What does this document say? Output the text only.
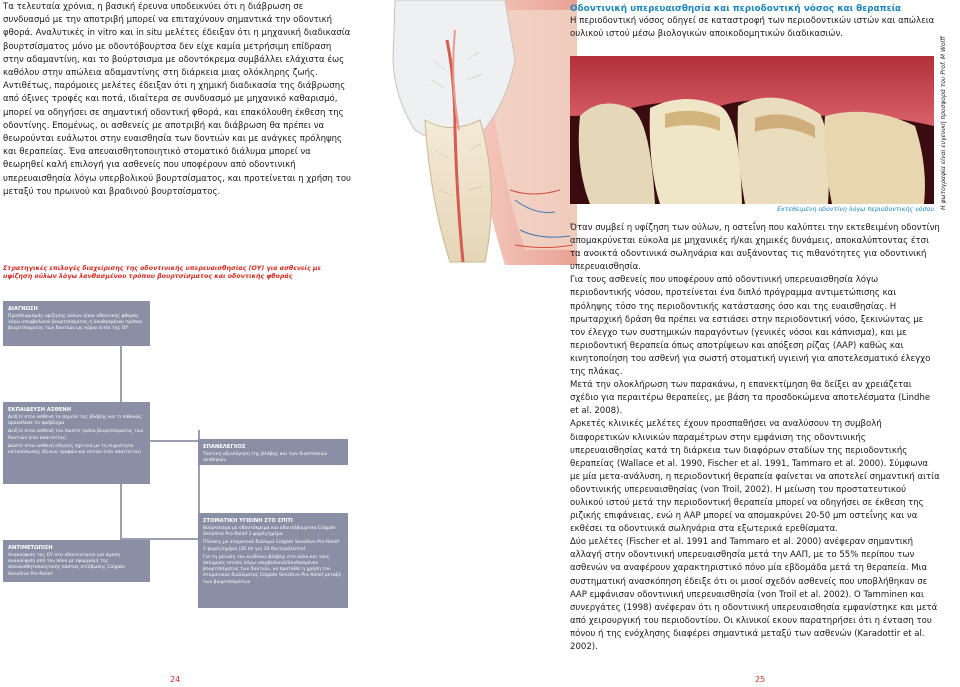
Τα τελευταία χρόνια, η βασική έρευνα υποδεικνύει ότι η διάβρωση σε συνδυασμό με την αποτριβή μπορεί να επιταχύνουν σημαντικά την οδοντική φθορά. Αναλυτικές in vitro και in situ μελέτες έδειξαν ότι η μηχανική διαδικασία βουρτσίσματος μόνο με οδοντόβουρτσα δεν είχε καμία μετρήσιμη επίδραση στην αδαμαντίνη, και το βούρτσισμα με οδοντόκρεμα συμβάλλει ελάχιστα έως καθόλου στην απώλεια αδαμαντίνης στη διάρκεια μιας ολόκληρης ζωής. Αντιθέτως, παρόμοιες μελέτες έδειξαν ότι η χημική διαδικασία της διάβρωσης από όξινες τροφές και ποτά, ιδιαίτερα σε συνδυασμό με μηχανικό καθαρισμό, μπορεί να οδηγήσει σε σημαντική οδοντική φθορά, και επακόλουθη έκθεση της οδοντίνης. Επομένως, οι ασθενείς με αποτριβή και διάβρωση θα πρέπει να θεωρούνται ευάλωτοι στην ευαισθησία των δοντιών και με ανάγκες πρόληψης και θεραπείας. Ένα απευαισθητοποιητικό στοματικό διάλυμα μπορεί να θεωρηθεί καλή επιλογή για ασθενείς που υποφέρουν από οδοντινική υπερευαισθησία λόγω υπερβολικού βουρτσίσματος, και προτείνεται η χρήση του μεταξύ του πρωινού και βραδινού βουρτσίσματος.

Στρατηγικές επιλογές διαχείρισης της οδοντινικής υπερευαισθησίας (ΟΥ) για ασθενείς με υφίζηση ούλων λόγω λανθασμένου τρόπου βουρτσίσματος και οδοντικής φθοράς

ΔΙΑΓΝΩΣΗ
Προσδιορισμός υφίζησης ούλων ή/και οδοντικής φθοράς λόγω υπερβολικού βουρτσίσματος ή λανθασμένου τρόπου βουρτσίσματος των δοντιών ως κύρια αιτία της ΟΥ
ΕΚΠΑΙΔΕΥΣΗ ΑΣΘΕΝΗ
Δείξτε στον ασθενή τα σημεία της βλάβης και τι πιθανώς προκάλεσε το πρόβλημα
Δείξτε στον ασθενή τον σωστό τρόπο βουρτσίσματος των δοντιών (εάν απαιτείται)
Δώστε στον ασθενή οδηγίες σχετικά με τη συχνότητα κατανάλωσης όξινων τροφών και ποτών (εάν απαιτείται)
ΑΝΤΙΜΕΤΩΠΙΣΗ
Ανακούφιση της ΟΥ στο οδοντιατρείο για άμεση ανακούφιση από τον πόνο με εφαρμογή της απευαισθητοποιητικής πάστας στίλβωσης Colgate Sensitive Pro-Relief
ΕΠΑΝΕΛΕΓΧΟΣ
Τακτική αξιολόγηση της βλάβης και των διαστάσεών συνθηκών
ΣΤΟΜΑΤΙΚΗ ΥΓΙΕΙΝΗ ΣΤΟ ΣΠΙΤΙ
Βούρτσισμα με οδοντόκρεμα και οδοντόβουρτσα Colgate Sensitive Pro-Relief 2 φορές/ημέρα
Πλύσεις με στοματικό διάλυμα Colgate Sensitive Pro-Relief 2 φορές/ημέρα (20 ml για 30 δευτερόλεπτα)
Για τη μείωση του κινδύνου βλάβης στα ούλα και τους σκληρούς ιστούς λόγω υπερβολικού/λανθασμένου βουρτσίσματος των δοντιών, να προταθεί η χρήση του στοματικού διαλύματος Colgate Sensitive Pro-Relief μεταξύ των βουρτσισμάτων

24

Οδοντινική υπερευαισθησία και περιοδοντική νόσος και θεραπεία

Η περιοδοντική νόσος οδηγεί σε καταστροφή των περιοδοντικών ιστών και απώλεια ουλικού ιστού μέσω βιολογικών αποικοδομητικών διαδικασιών.

Εκτεθειμένη οδοντίνη λόγω περιοδοντικής νόσου Η φωτογραφία είναι ευγενική προσφορά του Prof. M Wolff

Όταν συμβεί η υφίζηση των ούλων, η οστεΐνη που καλύπτει την εκτεθειμένη οδοντίνη απομακρύνεται εύκολα με μηχανικές ή/και χημικές δυνάμεις, αποκαλύπτοντας έτσι τα ανοικτά οδοντινικά σωληνάρια και αυξάνοντας τις πιθανότητες για οδοντινική υπερευαισθησία.

Για τους ασθενείς που υποφέρουν από οδοντινική υπερευαισθησία λόγω περιοδοντικής νόσου, προτείνεται ένα διπλό πρόγραμμα αντιμετώπισης και πρόληψης τόσο της περιοδοντικής κατάστασης όσο και της ευαισθησίας. Η πρωταρχική δράση θα πρέπει να εστιάσει στην περιοδοντική νόσο, ξεκινώντας με τον έλεγχο των συστημικών παραγόντων (γενικές νόσοι και κάπνισμα), και με περιοδοντική θεραπεία όπως αποτρίψεων και απόξεση ρίζας (ΑΑΡ) καθώς και κινητοποίηση του ασθενή για σωστή στοματική υγιεινή για αποτελεσματικό έλεγχο της πλάκας.

Μετά την ολοκλήρωση των παρακάνω, η επανεκτίμηση θα δείξει αν χρειάζεται σχέδιο για περαιτέρω θεραπείες, με βάση τα προσδοκώμενα αποτελέσματα (Lindhe et al. 2008).

Αρκετές κλινικές μελέτες έχουν προσπαθήσει να αναλύσουν τη συμβολή διαφορετικών κλινικών παραμέτρων στην εμφάνιση της οδοντινικής υπερευαισθησίας κατά τη διάρκεια των διαφόρων σταδίων της περιοδοντικής θεραπείας (Wallace et al. 1990, Fischer et al. 1991, Tammaro et al. 2000). Σύμφωνα με μία μετα-ανάλυση, η περιοδοντική θεραπεία φαίνεται να αποτελεί σημαντική αιτία οδοντινικής υπερευαισθησίας (von Troil, 2002). Η μείωση του προστατευτικού ουλικού ιστού μετά την περιοδοντική θεραπεία μπορεί να οδηγήσει σε έκθεση της ριζικής επιφάνειας, ενώ η ΑΑΡ μπορεί να απομακρύνει 20-50 μm οστεΐνης και να εκθέσει τα οδοντινικά σωληνάρια στα εξωτερικά ερεθίσματα.

Δύο μελέτες (Fischer et al. 1991 and Tammaro et al. 2000) ανέφεραν σημαντική αλλαγή στην οδοντινική υπερευαισθησία μετά την ΑΑΠ, με το 55% περίπου των ασθενών να αναφέρουν χαρακτηριστικό πόνο μία εβδομάδα μετά τη θεραπεία. Μια συστηματική ανασκόπηση έδειξε ότι οι μισοί σχεδόν ασθενείς που υποβλήθηκαν σε ΑΑΡ εμφάνισαν οδοντινική υπερευαισθησία (von Troil et al. 2002). Ο Tamminen και συνεργάτες (1998) ανέφεραν ότι η οδοντινική υπερευαισθησία εμφανίστηκε και μετά από χειρουργική του περιοδοντίου. Οι κλινικοί εκουν παρατηρήσει ότι η ένταση του πόνου ή της ενόχλησης διαφέρει σημαντικά μεταξύ των ασθενών (Karadottir et al. 2002).

25
